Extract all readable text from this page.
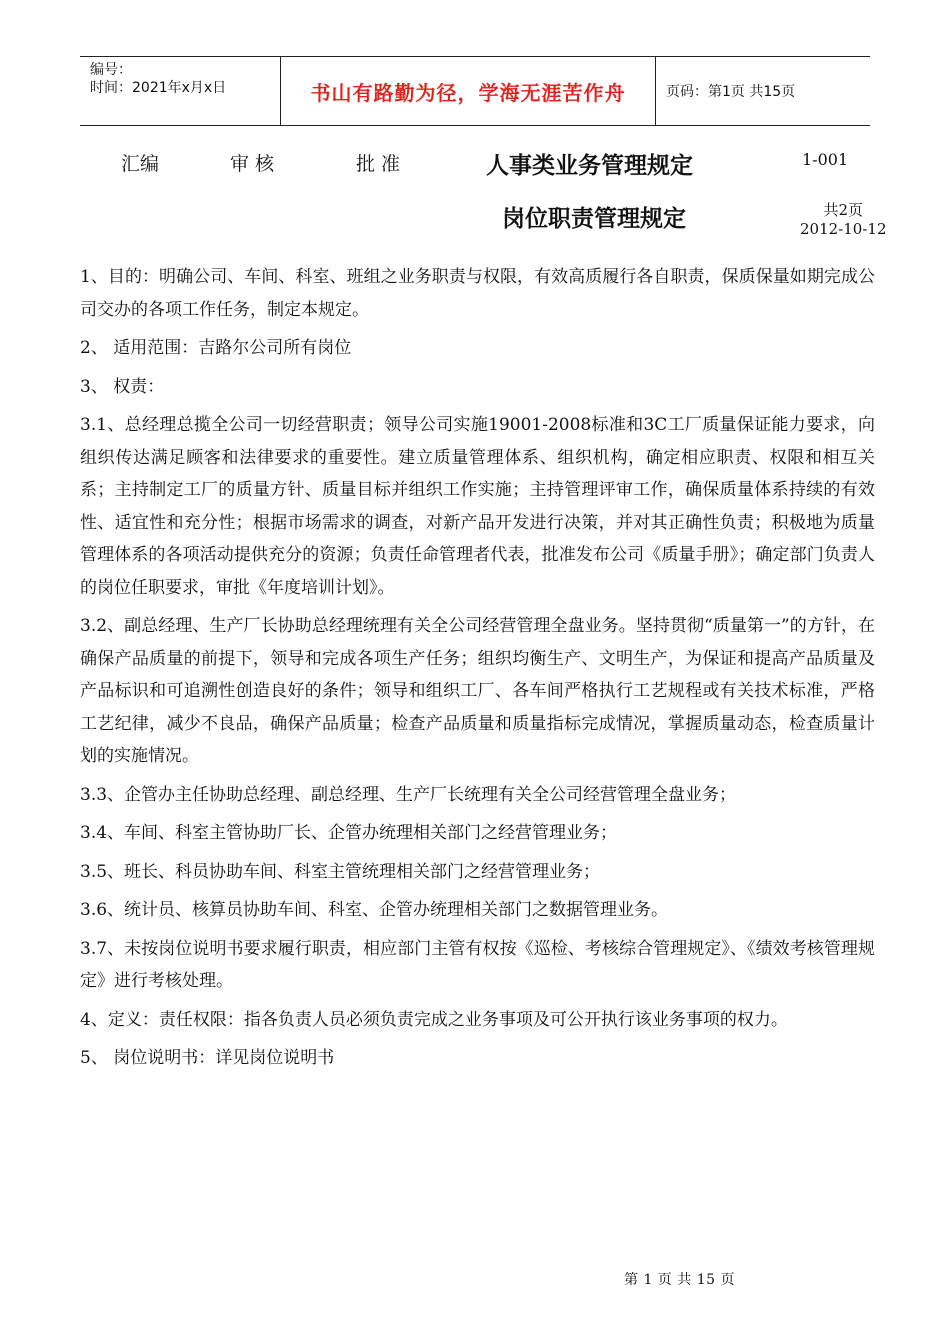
编号：
时间：2021年x月x日	书山有路勤为径，学海无涯苦作舟	页码：第1页 共15页
汇编	审 核	批 准	人事类业务管理规定
岗位职责管理规定
1-001
共2页
2012-10-12

1、目的：明确公司、车间、科室、班组之业务职责与权限，有效高质履行各自职责，保质保量如期完成公司交办的各项工作任务，制定本规定。

2、 适用范围：吉路尔公司所有岗位

3、 权责：

3.1、总经理总揽全公司一切经营职责；领导公司实施19001-2008标准和3C工厂质量保证能力要求，向组织传达满足顾客和法律要求的重要性。建立质量管理体系、组织机构，确定相应职责、权限和相互关系；主持制定工厂的质量方针、质量目标并组织工作实施；主持管理评审工作，确保质量体系持续的有效性、适宜性和充分性；根据市场需求的调查，对新产品开发进行决策，并对其正确性负责；积极地为质量管理体系的各项活动提供充分的资源；负责任命管理者代表，批准发布公司《质量手册》；确定部门负责人的岗位任职要求，审批《年度培训计划》。

3.2、副总经理、生产厂长协助总经理统理有关全公司经营管理全盘业务。坚持贯彻“质量第一”的方针，在确保产品质量的前提下，领导和完成各项生产任务；组织均衡生产、文明生产，为保证和提高产品质量及产品标识和可追溯性创造良好的条件；领导和组织工厂、各车间严格执行工艺规程或有关技术标准，严格工艺纪律，减少不良品，确保产品质量；检查产品质量和质量指标完成情况，掌握质量动态，检查质量计划的实施情况。

3.3、企管办主任协助总经理、副总经理、生产厂长统理有关全公司经营管理全盘业务；

3.4、车间、科室主管协助厂长、企管办统理相关部门之经营管理业务；

3.5、班长、科员协助车间、科室主管统理相关部门之经营管理业务；

3.6、统计员、核算员协助车间、科室、企管办统理相关部门之数据管理业务。

3.7、未按岗位说明书要求履行职责，相应部门主管有权按《巡检、考核综合管理规定》、《绩效考核管理规定》进行考核处理。

4、定义：责任权限：指各负责人员必须负责完成之业务事项及可公开执行该业务事项的权力。

5、 岗位说明书：详见岗位说明书

第 1 页 共 15 页
